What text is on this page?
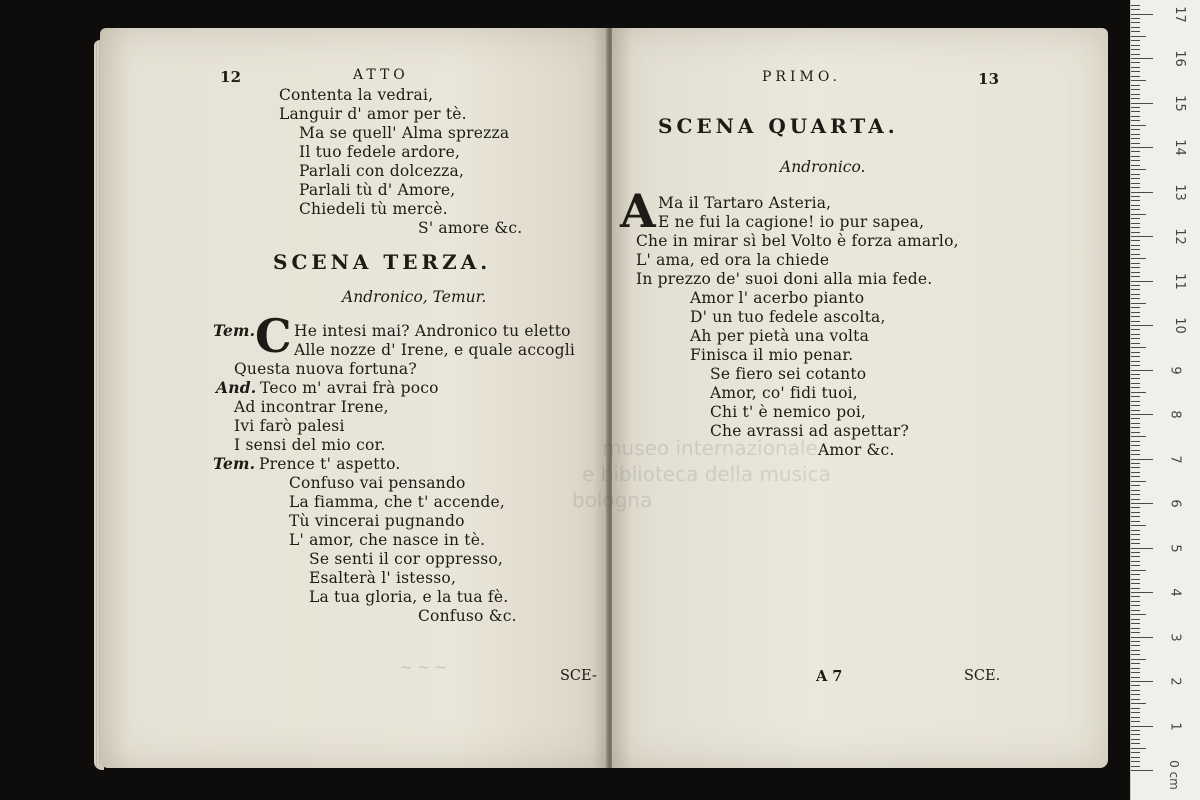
12	ATTO
Contenta la vedrai,
Languir d' amor per tè.
Ma se quell' Alma sprezza
Il tuo fedele ardore,
Parlali con dolcezza,
Parlali tù d' Amore,
Chiedeli tù mercè.
S' amore &c.
SCENA TERZA.
Andronico, Temur.
C
Tem.	He intesi mai? Andronico tu eletto
Alle nozze d' Irene, e quale accogli
Questa nuova fortuna?
And. Teco m' avrai frà poco
Ad incontrar Irene,
Ivi farò palesi
I sensi del mio cor.
Tem. Prence t' aspetto.
Confuso vai pensando
La fiamma, che t' accende,
Tù vincerai pugnando
L' amor, che nasce in tè.
Se senti il cor oppresso,
Esalterà l' istesso,
La tua gloria, e la tua fè.
Confuso &c.
SCE-
~ ~ ~
PRIMO.	13
SCENA QUARTA.
Andronico.
A Ma il Tartaro Asteria,
E ne fui la cagione! io pur sapea,
Che in mirar sì bel Volto è forza amarlo,
L' ama, ed ora la chiede
In prezzo de' suoi doni alla mia fede.
Amor l' acerbo pianto
D' un tuo fedele ascolta,
Ah per pietà una volta
Finisca il mio penar.
Se fiero sei cotanto
Amor, co' fidi tuoi,
Chi t' è nemico poi,
Che avrassi ad aspettar?
Amor &c.
museo internazionale
e biblioteca della musica
bologna
A 7	SCE.
0 cm
1
2
3
4
5
6
7
8
9
10
11
12
13
14
15
16
17
